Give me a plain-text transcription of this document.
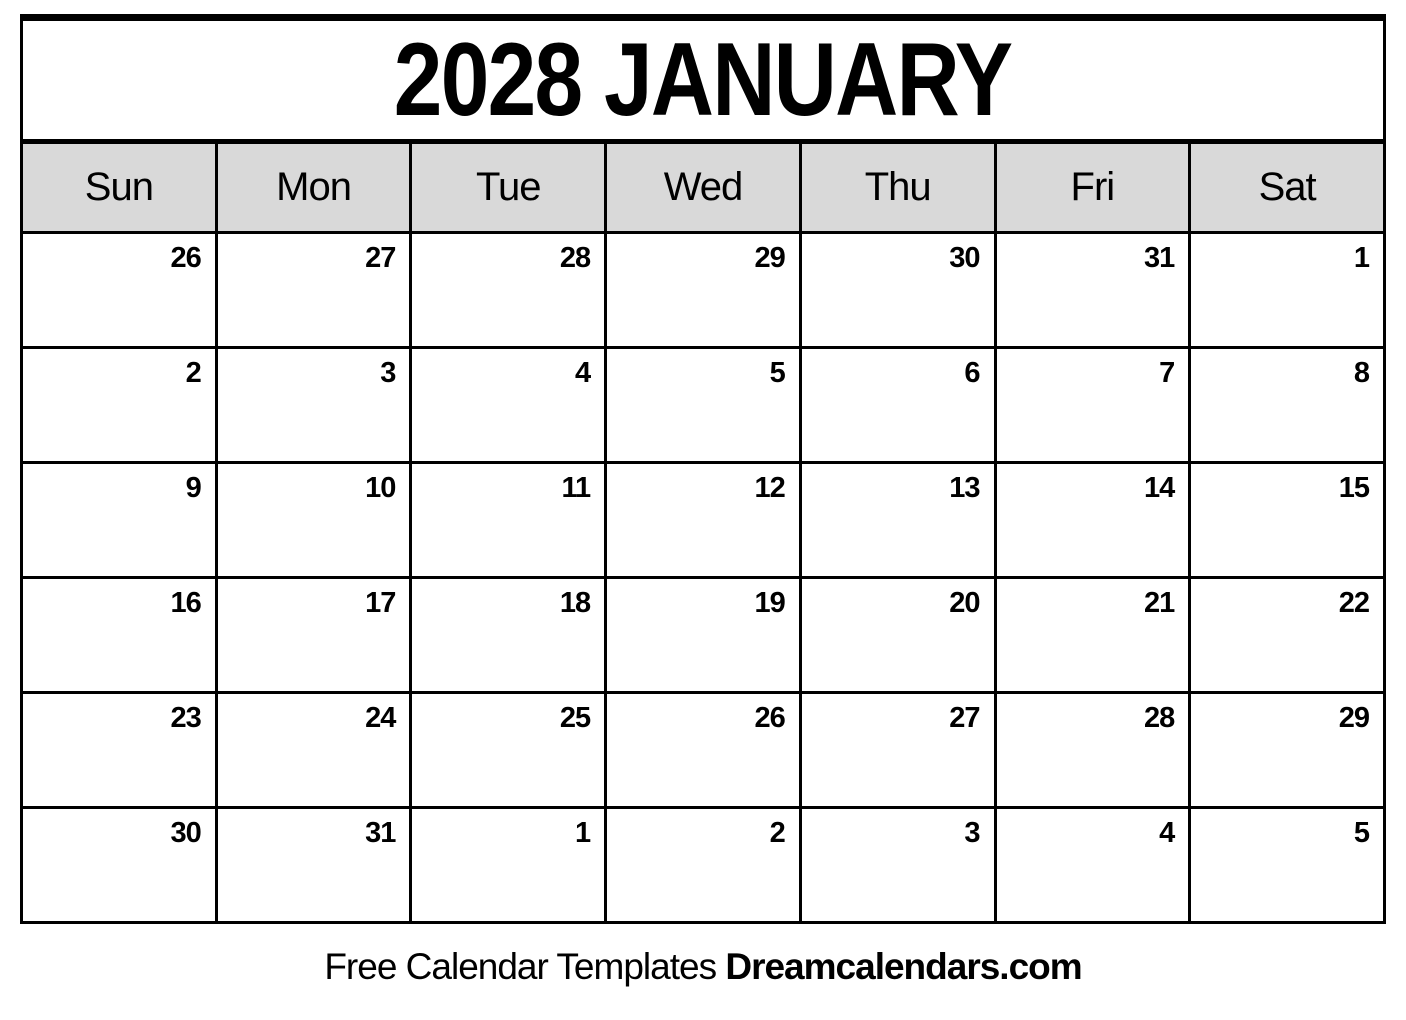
2028 JANUARY
Sun	Mon	Tue	Wed	Thu	Fri	Sat
26	27	28	29	30	31	1
2	3	4	5	6	7	8
9	10	11	12	13	14	15
16	17	18	19	20	21	22
23	24	25	26	27	28	29
30	31	1	2	3	4	5
Free Calendar Templates Dreamcalendars.com
